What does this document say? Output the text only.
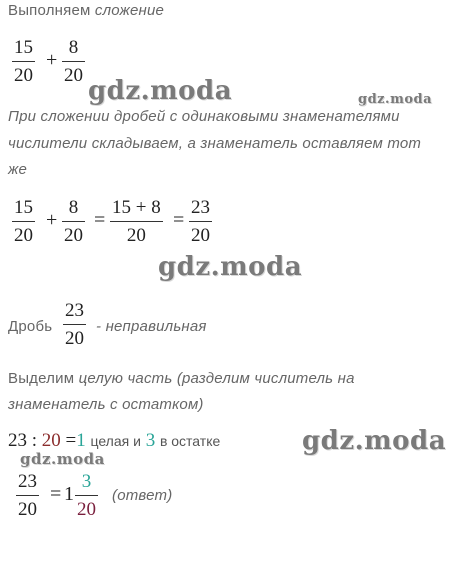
Выполняем сложение
15
20
+
8
20
gdz.moda	gdz.moda
При сложении дробей с одинаковыми знаменателями
числители складываем, а знаменатель оставляем тот
же
15
20
+
8
20
=
15 + 8
20
=
23
20
gdz.moda
Дробь
23
20
- неправильная
Выделим целую часть (разделим числитель на
знаменатель с остатком)
23 : 20 =1 целая и 3 в остатке	gdz.moda
gdz.moda
23
20
= 1
3
20
(ответ)
